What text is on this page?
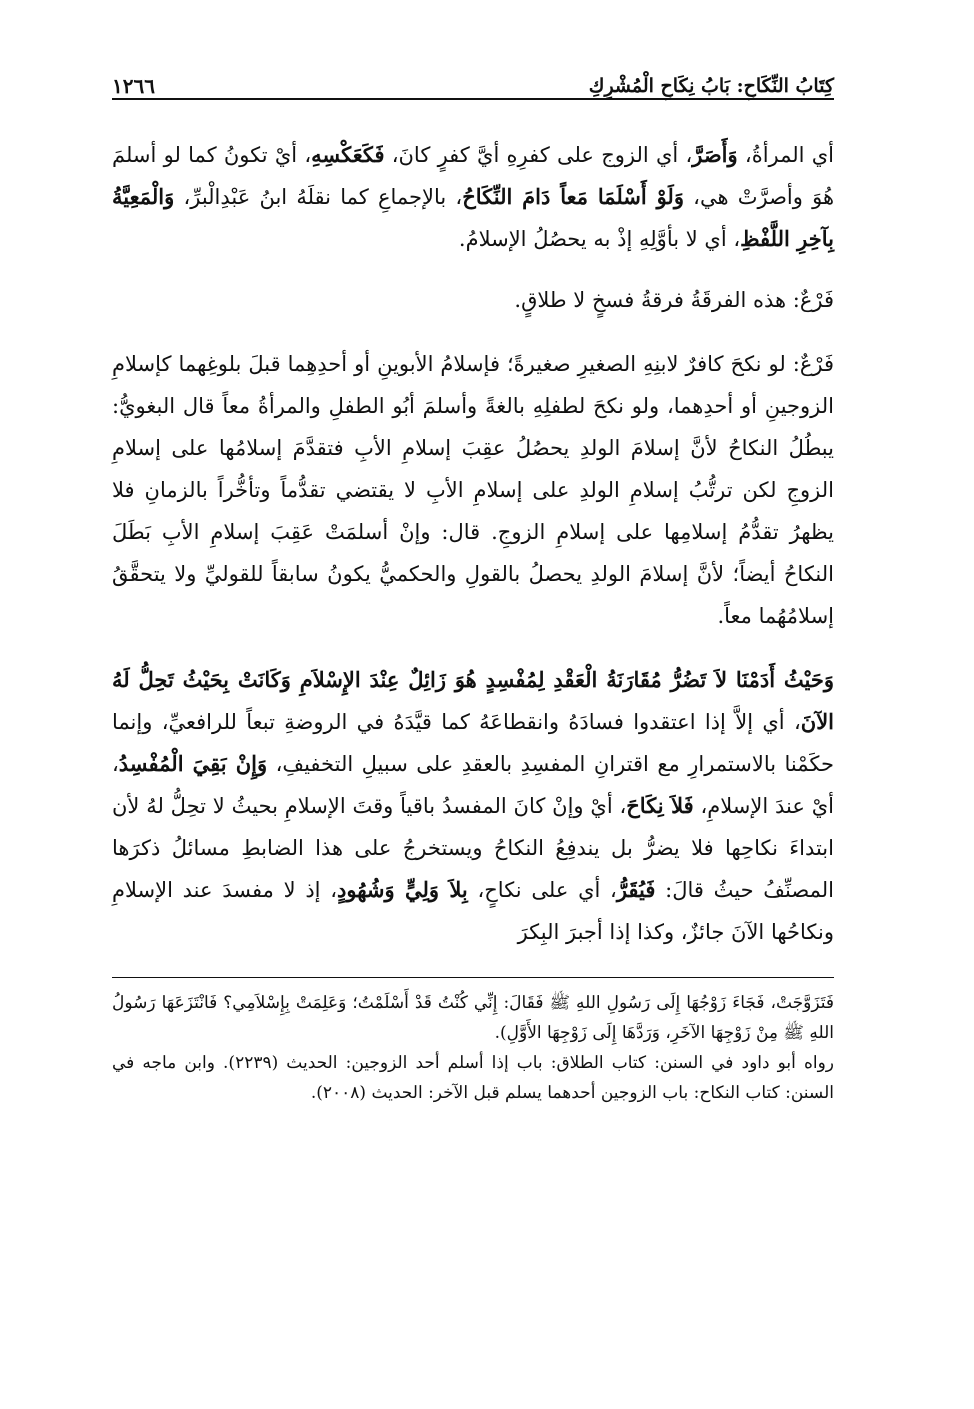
كِتَابُ النِّكَاحِ: بَابُ نِكَاحِ الْمُشْرِكِ
١٢٦٦

أي المرأةُ، وَأَصَرَّ، أي الزوج على كفرِهِ أيَّ كفرٍ كانَ، فَكَعَكْسِهِ، أيْ تكونُ كما لو أسلمَ هُوَ وأصرَّتْ هي، وَلَوْ أَسْلَمَا مَعاً دَامَ النِّكَاحُ، بالإجماعِ كما نقلَهُ ابنُ عَبْدِالْبرِّ، وَالْمَعِيَّةُ بِآخِرِ اللَّفْظِ، أي لا بأوَّلِهِ إذْ به يحصُلُ الإسلامُ.

فَرْعٌ: هذه الفرقَةُ فرقةُ فسخٍ لا طلاقٍ.

فَرْعٌ: لو نكحَ كافرٌ لابنِهِ الصغيرِ صغيرةً؛ فإسلامُ الأبوينِ أو أحدِهِما قبلَ بلوغِهما كإسلامِ الزوجينِ أو أحدِهما، ولو نكحَ لطفلِهِ بالغةً وأسلمَ أبُو الطفلِ والمرأةُ معاً قال البغويُّ: يبطُلُ النكاحُ لأنَّ إسلامَ الولدِ يحصُلُ عقِبَ إسلامِ الأبِ فتقدَّمَ إسلامُها على إسلامِ الزوجِ لكن ترتُّبُ إسلامِ الولدِ على إسلامِ الأبِ لا يقتضي تقدُّماً وتأخُّراً بالزمانِ فلا يظهرُ تقدُّمُ إسلامِها على إسلامِ الزوجِ. قال: وإنْ أسلمَتْ عَقِبَ إسلامِ الأبِ بَطَلَ النكاحُ أيضاً؛ لأنَّ إسلامَ الولدِ يحصلُ بالقولِ والحكميُّ يكونُ سابقاً للقوليِّ ولا يتحقَّقُ إسلامُهُما معاً.

وَحَيْثُ أَدَمْنَا لاَ تَضُرُّ مُقَارَنَةُ الْعَقْدِ لِمُفْسِدٍ هُوَ زَائِلٌ عِنْدَ الإِسْلاَمِ وَكَانَتْ بِحَيْثُ تَحِلُّ لَهُ الآنَ، أي إلاَّ إذا اعتقدوا فسادَهُ وانقطاعَهُ كما قيَّدَهُ في الروضةِ تبعاً للرافعيِّ، وإنما حكَمْنا بالاستمرارِ مع اقترانِ المفسِدِ بالعقدِ على سبيلِ التخفيفِ، وَإِنْ بَقِيَ الْمُفْسِدُ، أيْ عندَ الإسلامِ، فَلاَ نِكَاحَ، أيْ وإنْ كانَ المفسدُ باقياً وقتَ الإسلامِ بحيثُ لا تحِلُّ لهُ لأن ابتداءَ نكاحِها فلا يضرُّ بل يندفِعُ النكاحُ ويستخرجُ على هذا الضابطِ مسائلُ ذكرَها المصنِّفُ حيثُ قالَ: فَيُقَرُّ، أي على نكاحٍ، بِلاَ وَلِيٍّ وَشُهُودٍ، إذ لا مفسدَ عند الإسلامِ ونكاحُها الآنَ جائزٌ، وكذا إذا أجبرَ البِكرَ

فَتَزَوَّجَتْ، فَجَاءَ زَوْجُهَا إِلَى رَسُولِ اللهِ ﷺ فَقَالَ: إِنِّي كُنْتُ قَدْ أَسْلَمْتُ؛ وَعَلِمَتْ بِإِسْلاَمِي؟ فَانْتَزَعَهَا رَسُولُ اللهِ ﷺ مِنْ زَوْجِهَا الآخَرِ، وَرَدَّهَا إِلَى زَوْجِهَا الأَوَّلِ).
رواه أبو داود في السنن: كتاب الطلاق: باب إذا أسلم أحد الزوجين: الحديث (٢٢٣٩). وابن ماجه في السنن: كتاب النكاح: باب الزوجين أحدهما يسلم قبل الآخر: الحديث (٢٠٠٨).
